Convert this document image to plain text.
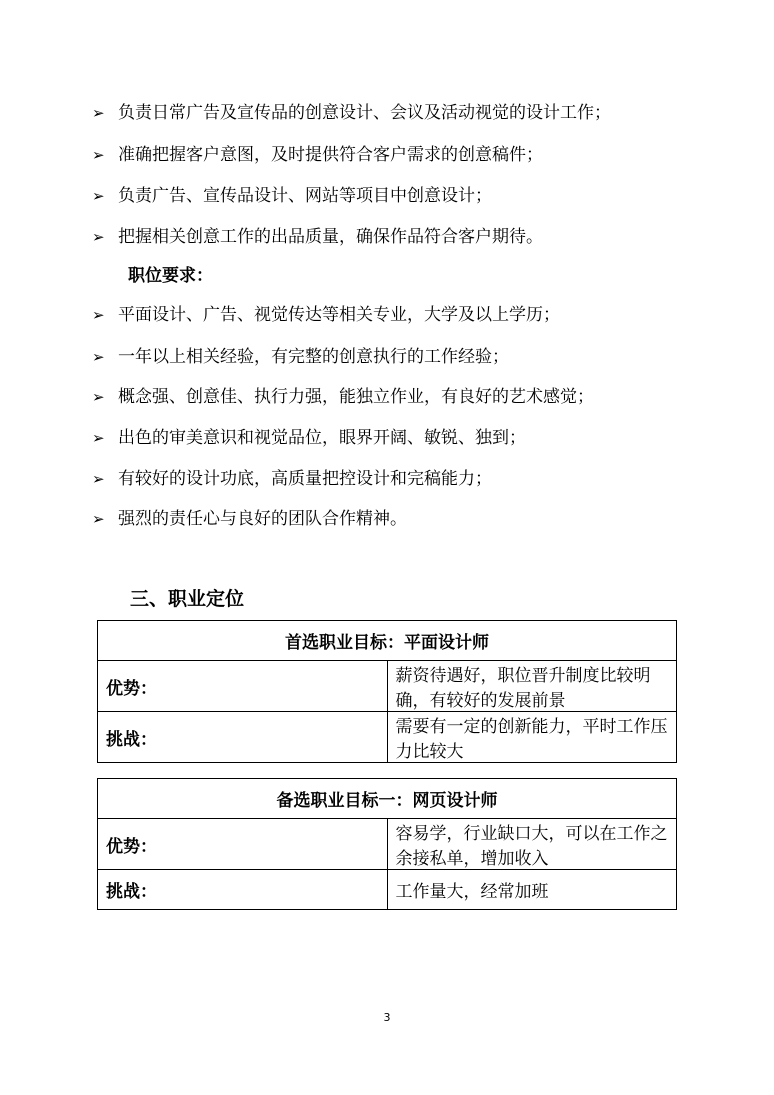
➢ 负责日常广告及宣传品的创意设计、会议及活动视觉的设计工作；
➢ 准确把握客户意图，及时提供符合客户需求的创意稿件；
➢ 负责广告、宣传品设计、网站等项目中创意设计；
➢ 把握相关创意工作的出品质量，确保作品符合客户期待。
职位要求：
➢ 平面设计、广告、视觉传达等相关专业，大学及以上学历；
➢ 一年以上相关经验，有完整的创意执行的工作经验；
➢ 概念强、创意佳、执行力强，能独立作业，有良好的艺术感觉；
➢ 出色的审美意识和视觉品位，眼界开阔、敏锐、独到；
➢ 有较好的设计功底，高质量把控设计和完稿能力；
➢ 强烈的责任心与良好的团队合作精神。
三、职业定位
首选职业目标：平面设计师	
优势：	薪资待遇好，职位晋升制度比较明确，有较好的发展前景
挑战：	需要有一定的创新能力，平时工作压力比较大
备选职业目标一：网页设计师	
优势：	容易学，行业缺口大，可以在工作之余接私单，增加收入
挑战：	工作量大，经常加班
3
